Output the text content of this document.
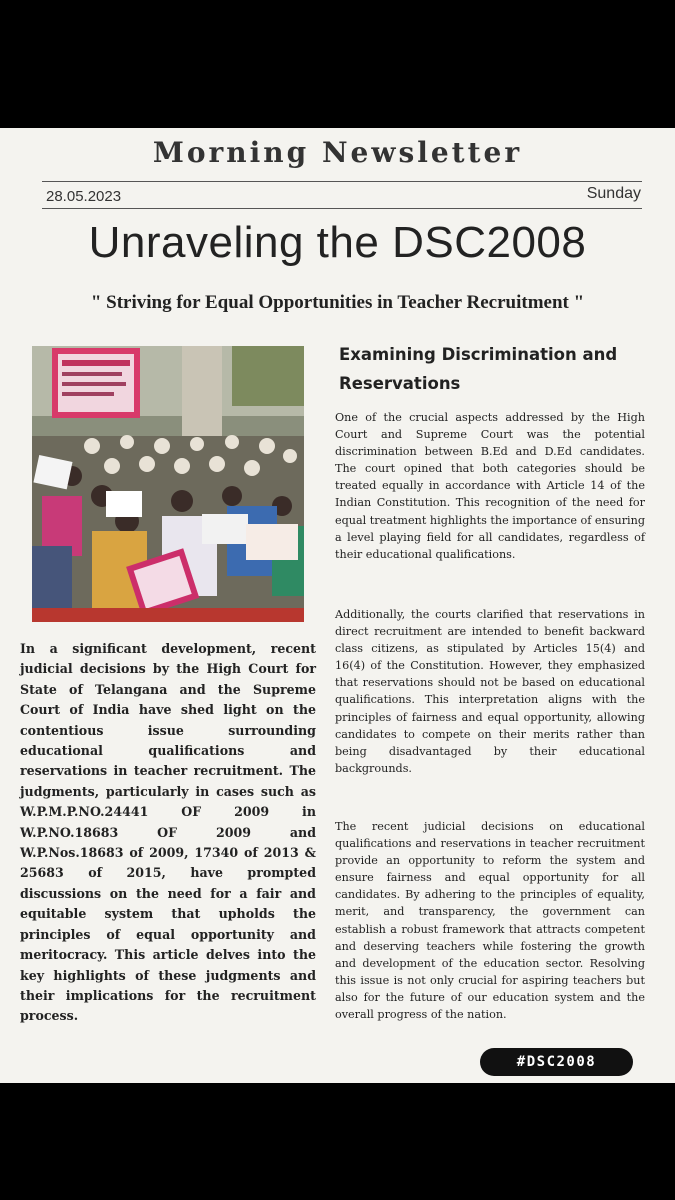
Morning Newsletter
28.05.2023	Sunday
Unraveling the DSC2008
" Striving for Equal Opportunities in Teacher Recruitment "
In a significant development, recent judicial decisions by the High Court for State of Telangana and the Supreme Court of India have shed light on the contentious issue surrounding educational qualifications and reservations in teacher recruitment. The judgments, particularly in cases such as W.P.M.P.NO.24441 OF 2009 in W.P.NO.18683 OF 2009 and W.P.Nos.18683 of 2009, 17340 of 2013 & 25683 of 2015, have prompted discussions on the need for a fair and equitable system that upholds the principles of equal opportunity and meritocracy. This article delves into the key highlights of these judgments and their implications for the recruitment process.
Examining Discrimination and Reservations

One of the crucial aspects addressed by the High Court and Supreme Court was the potential discrimination between B.Ed and D.Ed candidates. The court opined that both categories should be treated equally in accordance with Article 14 of the Indian Constitution. This recognition of the need for equal treatment highlights the importance of ensuring a level playing field for all candidates, regardless of their educational qualifications.

Additionally, the courts clarified that reservations in direct recruitment are intended to benefit backward class citizens, as stipulated by Articles 15(4) and 16(4) of the Constitution. However, they emphasized that reservations should not be based on educational qualifications. This interpretation aligns with the principles of fairness and equal opportunity, allowing candidates to compete on their merits rather than being disadvantaged by their educational backgrounds.

The recent judicial decisions on educational qualifications and reservations in teacher recruitment provide an opportunity to reform the system and ensure fairness and equal opportunity for all candidates. By adhering to the principles of equality, merit, and transparency, the government can establish a robust framework that attracts competent and deserving teachers while fostering the growth and development of the education sector. Resolving this issue is not only crucial for aspiring teachers but also for the future of our education system and the overall progress of the nation.

#DSC2008
